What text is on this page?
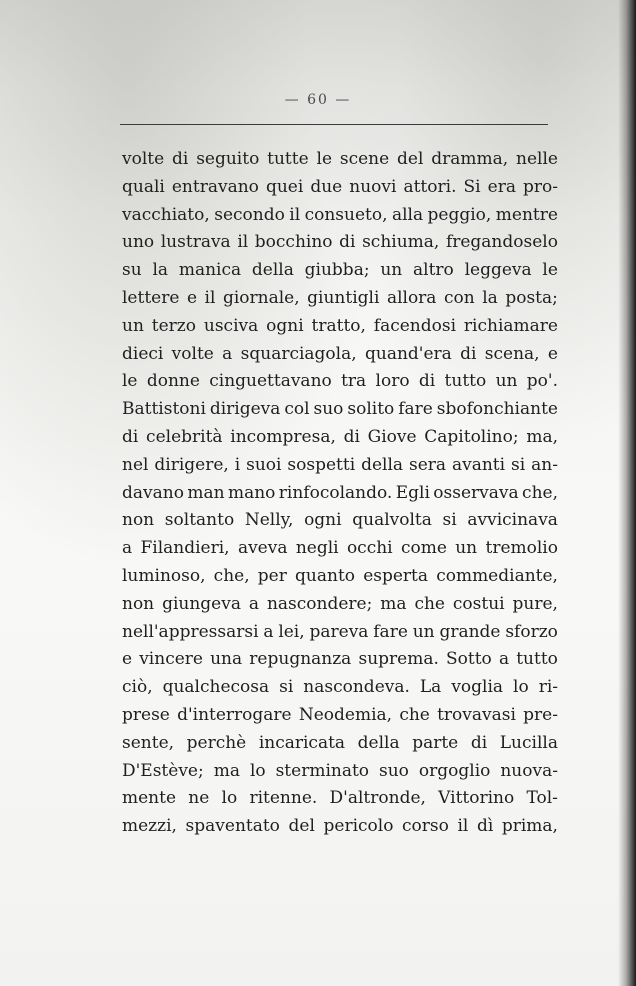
— 60 —
volte di seguito tutte le scene del dramma, nelle
quali entravano quei due nuovi attori. Si era pro-
vacchiato, secondo il consueto, alla peggio, mentre
uno lustrava il bocchino di schiuma, fregandoselo
su la manica della giubba; un altro leggeva le
lettere e il giornale, giuntigli allora con la posta;
un terzo usciva ogni tratto, facendosi richiamare
dieci volte a squarciagola, quand'era di scena, e
le donne cinguettavano tra loro di tutto un po'.
Battistoni dirigeva col suo solito fare sbofonchiante
di celebrità incompresa, di Giove Capitolino; ma,
nel dirigere, i suoi sospetti della sera avanti si an-
davano man mano rinfocolando. Egli osservava che,
non soltanto Nelly, ogni qualvolta si avvicinava
a Filandieri, aveva negli occhi come un tremolio
luminoso, che, per quanto esperta commediante,
non giungeva a nascondere; ma che costui pure,
nell'appressarsi a lei, pareva fare un grande sforzo
e vincere una repugnanza suprema. Sotto a tutto
ciò, qualchecosa si nascondeva. La voglia lo ri-
prese d'interrogare Neodemia, che trovavasi pre-
sente, perchè incaricata della parte di Lucilla
D'Estève; ma lo sterminato suo orgoglio nuova-
mente ne lo ritenne. D'altronde, Vittorino Tol-
mezzi, spaventato del pericolo corso il dì prima,
